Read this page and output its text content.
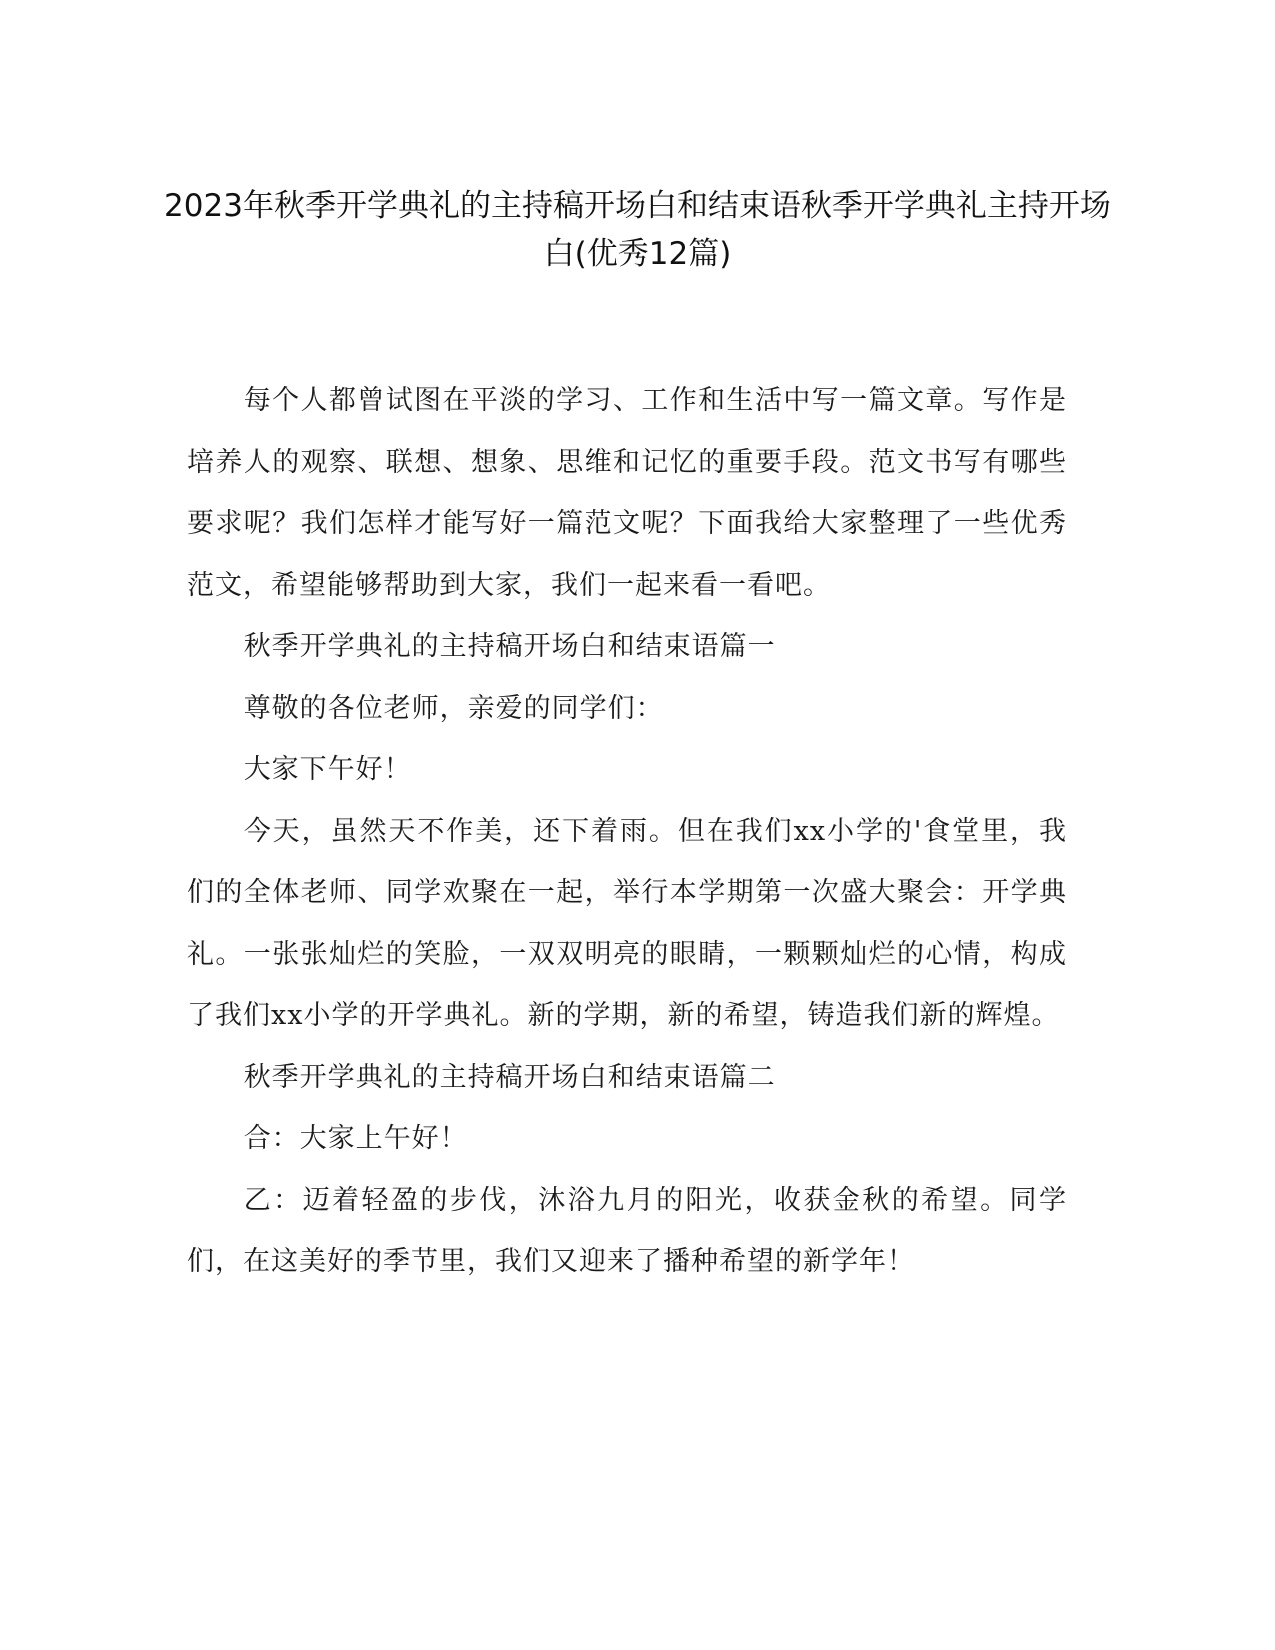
2023年秋季开学典礼的主持稿开场白和结束语秋季开学典礼主持开场白(优秀12篇)

每个人都曾试图在平淡的学习、工作和生活中写一篇文章。写作是培养人的观察、联想、想象、思维和记忆的重要手段。范文书写有哪些要求呢？我们怎样才能写好一篇范文呢？下面我给大家整理了一些优秀范文，希望能够帮助到大家，我们一起来看一看吧。

秋季开学典礼的主持稿开场白和结束语篇一

尊敬的各位老师，亲爱的同学们：

大家下午好！

今天，虽然天不作美，还下着雨。但在我们xx小学的'食堂里，我们的全体老师、同学欢聚在一起，举行本学期第一次盛大聚会：开学典礼。一张张灿烂的笑脸，一双双明亮的眼睛，一颗颗灿烂的心情，构成了我们xx小学的开学典礼。新的学期，新的希望，铸造我们新的辉煌。

秋季开学典礼的主持稿开场白和结束语篇二

合：大家上午好！

乙：迈着轻盈的步伐，沐浴九月的阳光，收获金秋的希望。同学们，在这美好的季节里，我们又迎来了播种希望的新学年！
